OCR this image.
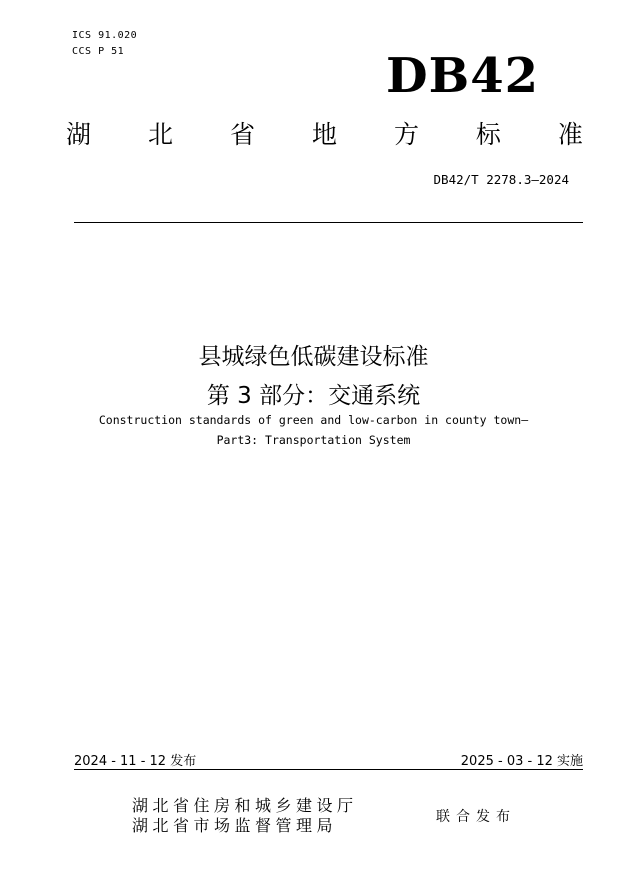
ICS 91.020
CCS P 51	DB42
湖 北 省 地 方 标 准
DB42/T 2278.3—2024
县城绿色低碳建设标准
第 3 部分：交通系统
Construction standards of green and low-carbon in county town—
Part3: Transportation System
2024 - 11 - 12 发布	2025 - 03 - 12 实施
湖北省住房和城乡建设厅
湖北省市场监督管理局	联合发布
